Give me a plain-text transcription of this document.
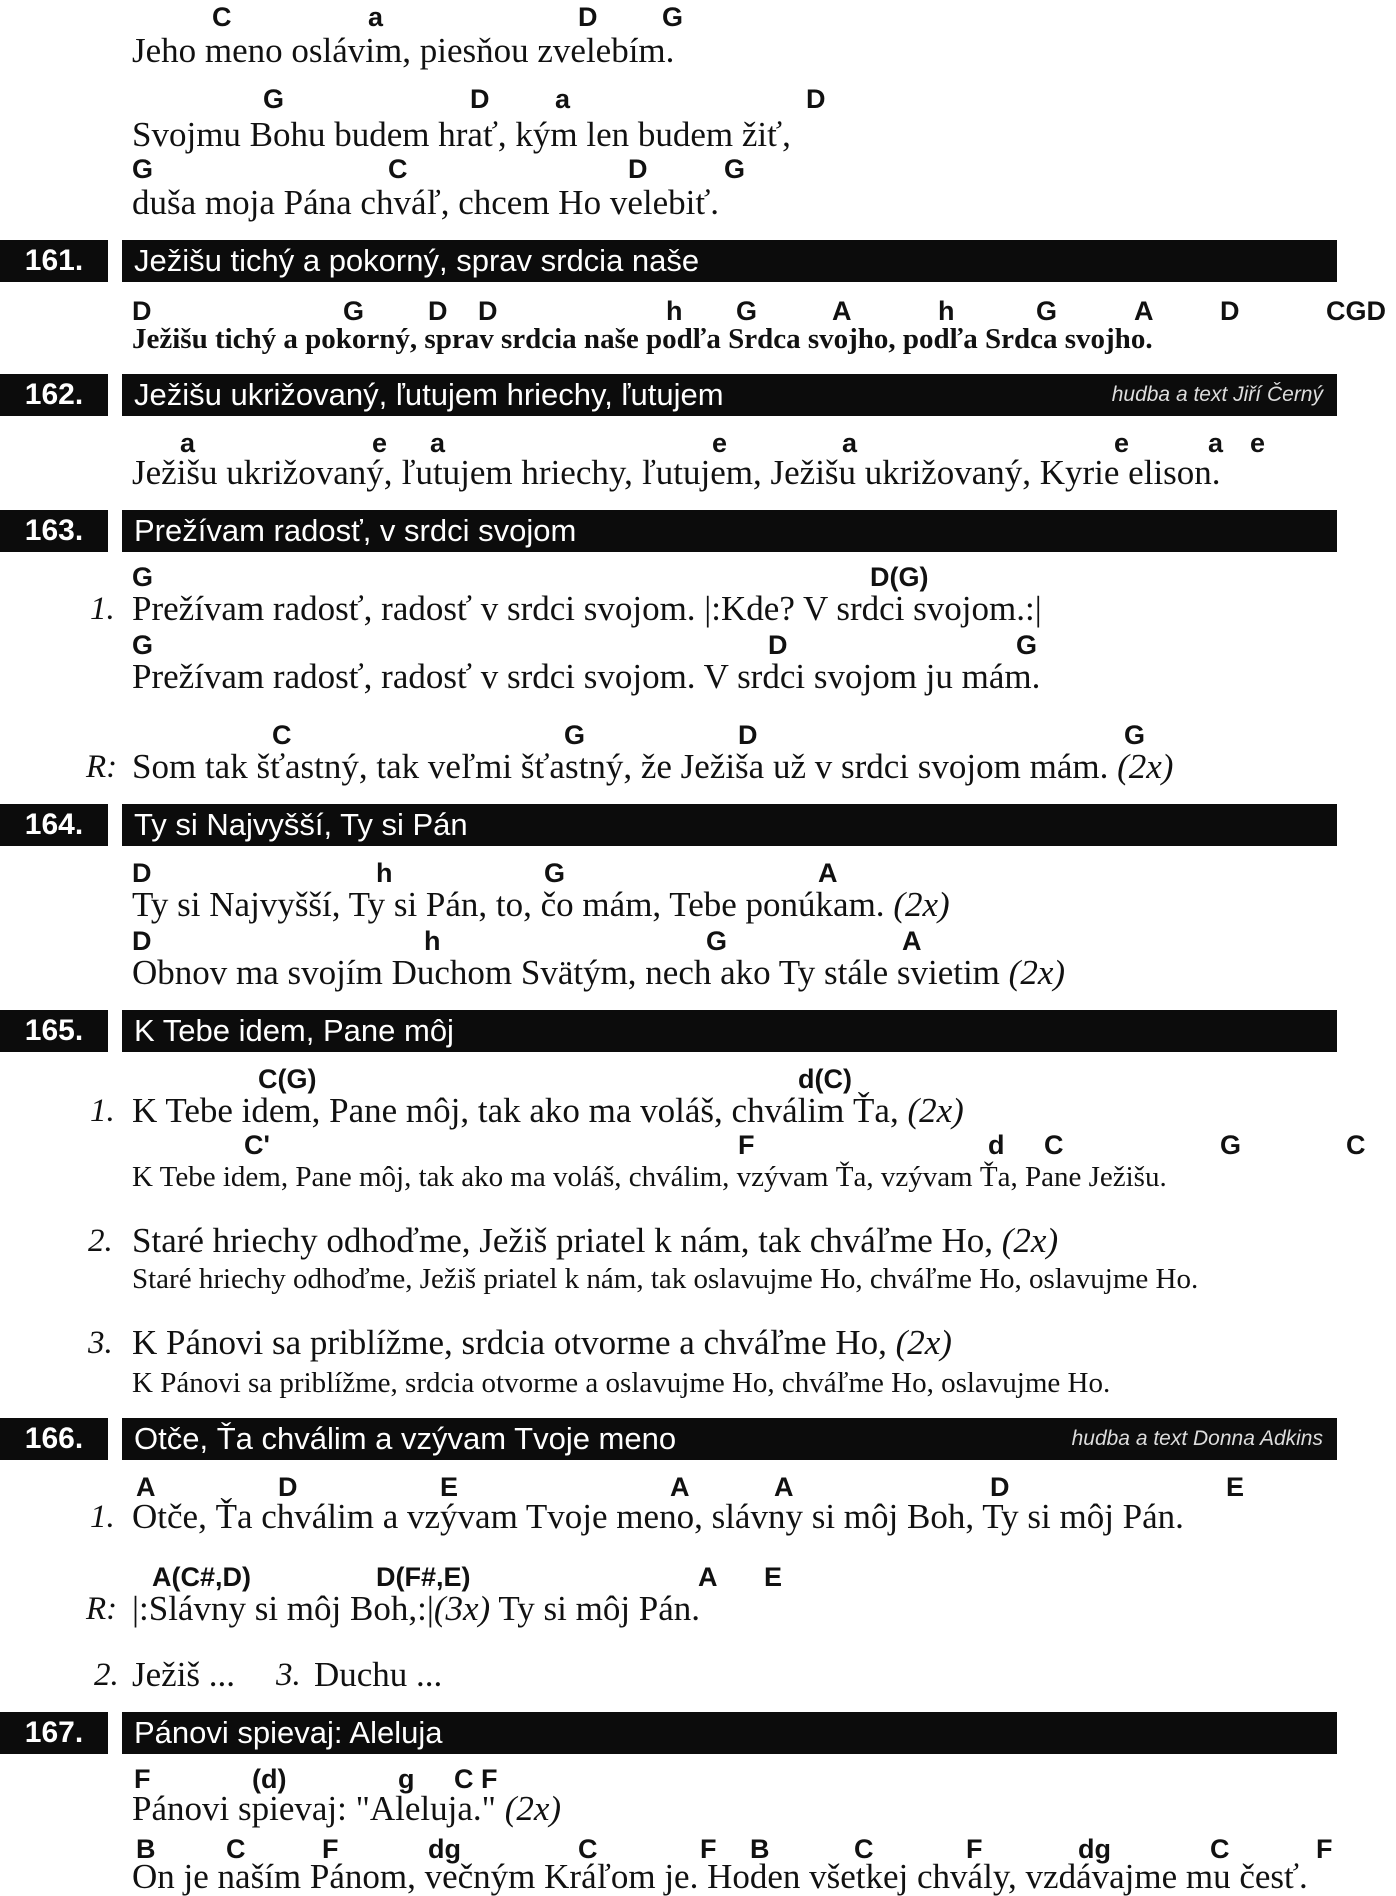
C	a	D G
Jeho meno oslávim, piesňou zvelebím.
G	D a	D
Svojmu Bohu budem hrať, kým len budem žiť,
G	C	D	G
duša moja Pána chváľ, chcem Ho velebiť.
161.	Ježišu tichý a pokorný, sprav srdcia naše
D	G D D	h G	A	h	G	A D	CGD
Ježišu tichý a pokorný, sprav srdcia naše podľa Srdca svojho, podľa Srdca svojho.
162.	Ježišu ukrižovaný, ľutujem hriechy, ľutujem	hudba a text Jiří Černý
a	e a	e	a	e	a e
Ježišu ukrižovaný, ľutujem hriechy, ľutujem, Ježišu ukrižovaný, Kyrie elison.
163.	Prežívam radosť, v srdci svojom
G	D(G)
1. Prežívam radosť, radosť v srdci svojom. |:Kde? V srdci svojom.:|
G	D	G
Prežívam radosť, radosť v srdci svojom. V srdci svojom ju mám.
C	G	D	G
R: Som tak šťastný, tak veľmi šťastný, že Ježiša už v srdci svojom mám. (2x)
164.	Ty si Najvyšší, Ty si Pán
D	h	G	A
Ty si Najvyšší, Ty si Pán, to, čo mám, Tebe ponúkam. (2x)
D	h	G	A
Obnov ma svojím Duchom Svätým, nech ako Ty stále svietim (2x)
165.	K Tebe idem, Pane môj
C(G)	d(C)
1. K Tebe idem, Pane môj, tak ako ma voláš, chválim Ťa, (2x)
C'	F	d C	G	C
K Tebe idem, Pane môj, tak ako ma voláš, chválim, vzývam Ťa, vzývam Ťa, Pane Ježišu.
2. Staré hriechy odhoďme, Ježiš priatel k nám, tak chváľme Ho, (2x)
Staré hriechy odhoďme, Ježiš priatel k nám, tak oslavujme Ho, chváľme Ho, oslavujme Ho.
3. K Pánovi sa priblížme, srdcia otvorme a chváľme Ho, (2x)
K Pánovi sa priblížme, srdcia otvorme a oslavujme Ho, chváľme Ho, oslavujme Ho.
166.	Otče, Ťa chválim a vzývam Tvoje meno	hudba a text Donna Adkins
A	D	E	A	A	D	E
1. Otče, Ťa chválim a vzývam Tvoje meno, slávny si môj Boh, Ty si môj Pán.
A(C#,D)	D(F#,E)	A E
R: |:Slávny si môj Boh,:|(3x) Ty si môj Pán.
2. Ježiš ... 3. Duchu ...
167.	Pánovi spievaj: Aleluja
F	(d)	g C F
Pánovi spievaj: "Aleluja." (2x)
B	C	F	dg	C	F B	C	F	dg	C	F
On je naším Pánom, večným Kráľom je. Hoden všetkej chvály, vzdávajme mu česť.
